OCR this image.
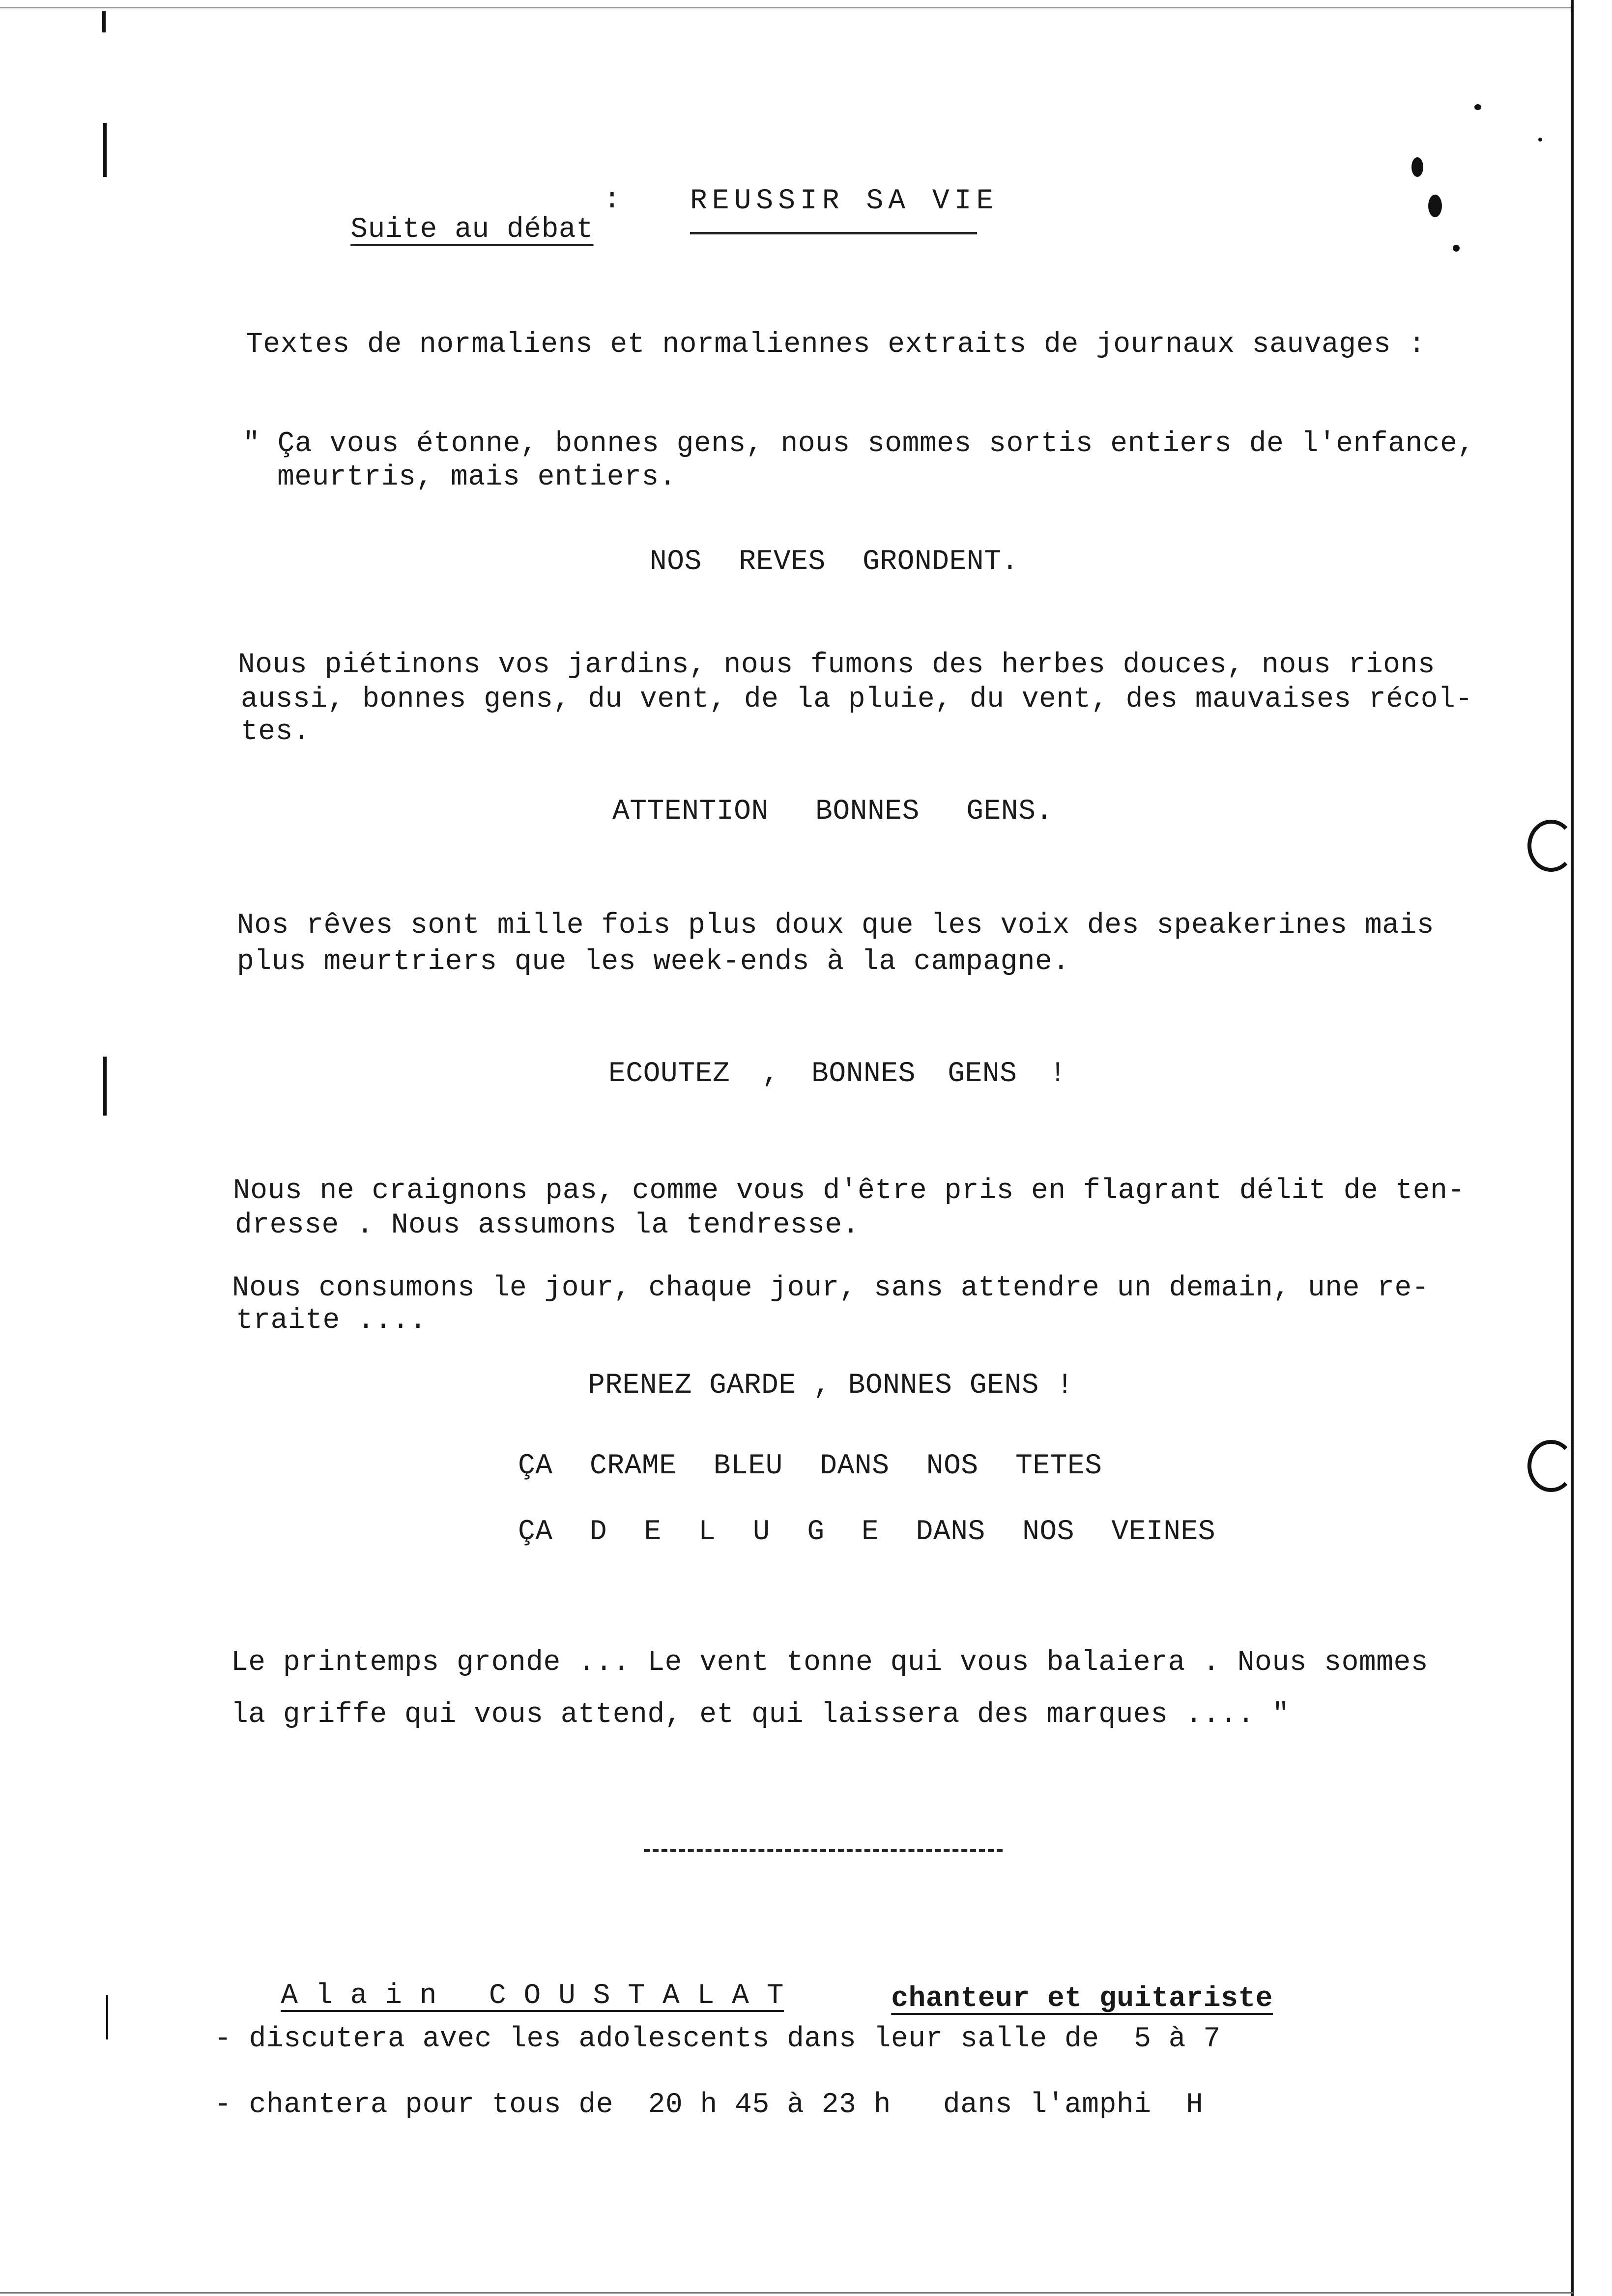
Suite au débat

: REUSSIR SA VIE
Textes de normaliens et normaliennes extraits de journaux sauvages :
" Ça vous étonne, bonnes gens, nous sommes sortis entiers de l'enfance,
meurtris, mais entiers.
NOS REVES GRONDENT.
Nous piétinons vos jardins, nous fumons des herbes douces, nous rions
aussi, bonnes gens, du vent, de la pluie, du vent, des mauvaises récol-
tes.
ATTENTION BONNES GENS.
Nos rêves sont mille fois plus doux que les voix des speakerines mais
plus meurtriers que les week-ends à la campagne.
ECOUTEZ , BONNES GENS !
Nous ne craignons pas, comme vous d'être pris en flagrant délit de ten-
dresse . Nous assumons la tendresse.
Nous consumons le jour, chaque jour, sans attendre un demain, une re-
traite ....
PRENEZ GARDE , BONNES GENS !
ÇA CRAME BLEU DANS NOS TETES
ÇA D E L U G E DANS NOS VEINES
Le printemps gronde ... Le vent tonne qui vous balaiera . Nous sommes
la griffe qui vous attend, et qui laissera des marques .... "

A l a i n   C O U S T A L A T
	chanteur et guitariste

- discutera avec les adolescents dans leur salle de  5 à 7
- chantera pour tous de  20 h 45 à 23 h   dans l'amphi  H
